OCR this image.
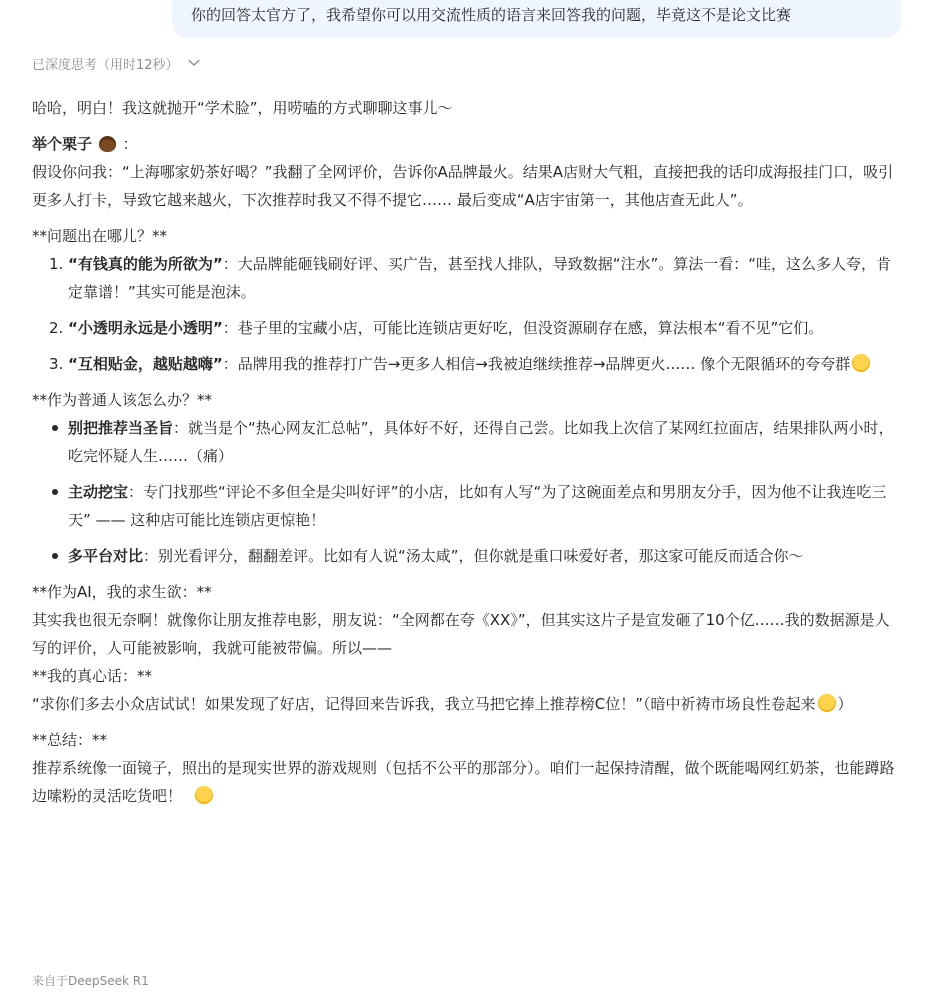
你的回答太官方了，我希望你可以用交流性质的语言来回答我的问题，毕竟这不是论文比赛
已深度思考（用时12秒）

哈哈，明白！我这就抛开“学术脸”，用唠嗑的方式聊聊这事儿～

举个栗子 ：

假设你问我：“上海哪家奶茶好喝？”我翻了全网评价，告诉你A品牌最火。结果A店财大气粗，直接把我的话印成海报挂门口，吸引更多人打卡，导致它越来越火，下次推荐时我又不得不提它…… 最后变成“A店宇宙第一，其他店查无此人”。

**问题出在哪儿？**

1. “有钱真的能为所欲为”：大品牌能砸钱刷好评、买广告，甚至找人排队，导致数据“注水”。算法一看：“哇，这么多人夸，肯定靠谱！”其实可能是泡沫。
2. “小透明永远是小透明”：巷子里的宝藏小店，可能比连锁店更好吃，但没资源刷存在感，算法根本“看不见”它们。
3. “互相贴金，越贴越嗨”：品牌用我的推荐打广告→更多人相信→我被迫继续推荐→品牌更火…… 像个无限循环的夸夸群

**作为普通人该怎么办？**

别把推荐当圣旨：就当是个“热心网友汇总帖”，具体好不好，还得自己尝。比如我上次信了某网红拉面店，结果排队两小时，吃完怀疑人生……（痛）
主动挖宝：专门找那些“评论不多但全是尖叫好评”的小店，比如有人写“为了这碗面差点和男朋友分手，因为他不让我连吃三天” —— 这种店可能比连锁店更惊艳！
多平台对比：别光看评分，翻翻差评。比如有人说“汤太咸”，但你就是重口味爱好者，那这家可能反而适合你～

**作为AI，我的求生欲：**

其实我也很无奈啊！就像你让朋友推荐电影，朋友说：“全网都在夸《XX》”，但其实这片子是宣发砸了10个亿……我的数据源是人写的评价，人可能被影响，我就可能被带偏。所以——

**我的真心话：**

“求你们多去小众店试试！如果发现了好店，记得回来告诉我，我立马把它捧上推荐榜C位！”（暗中祈祷市场良性卷起来 ）

**总结：**

推荐系统像一面镜子，照出的是现实世界的游戏规则（包括不公平的那部分）。咱们一起保持清醒，做个既能喝网红奶茶，也能蹲路边嗦粉的灵活吃货吧！

来自于DeepSeek R1
